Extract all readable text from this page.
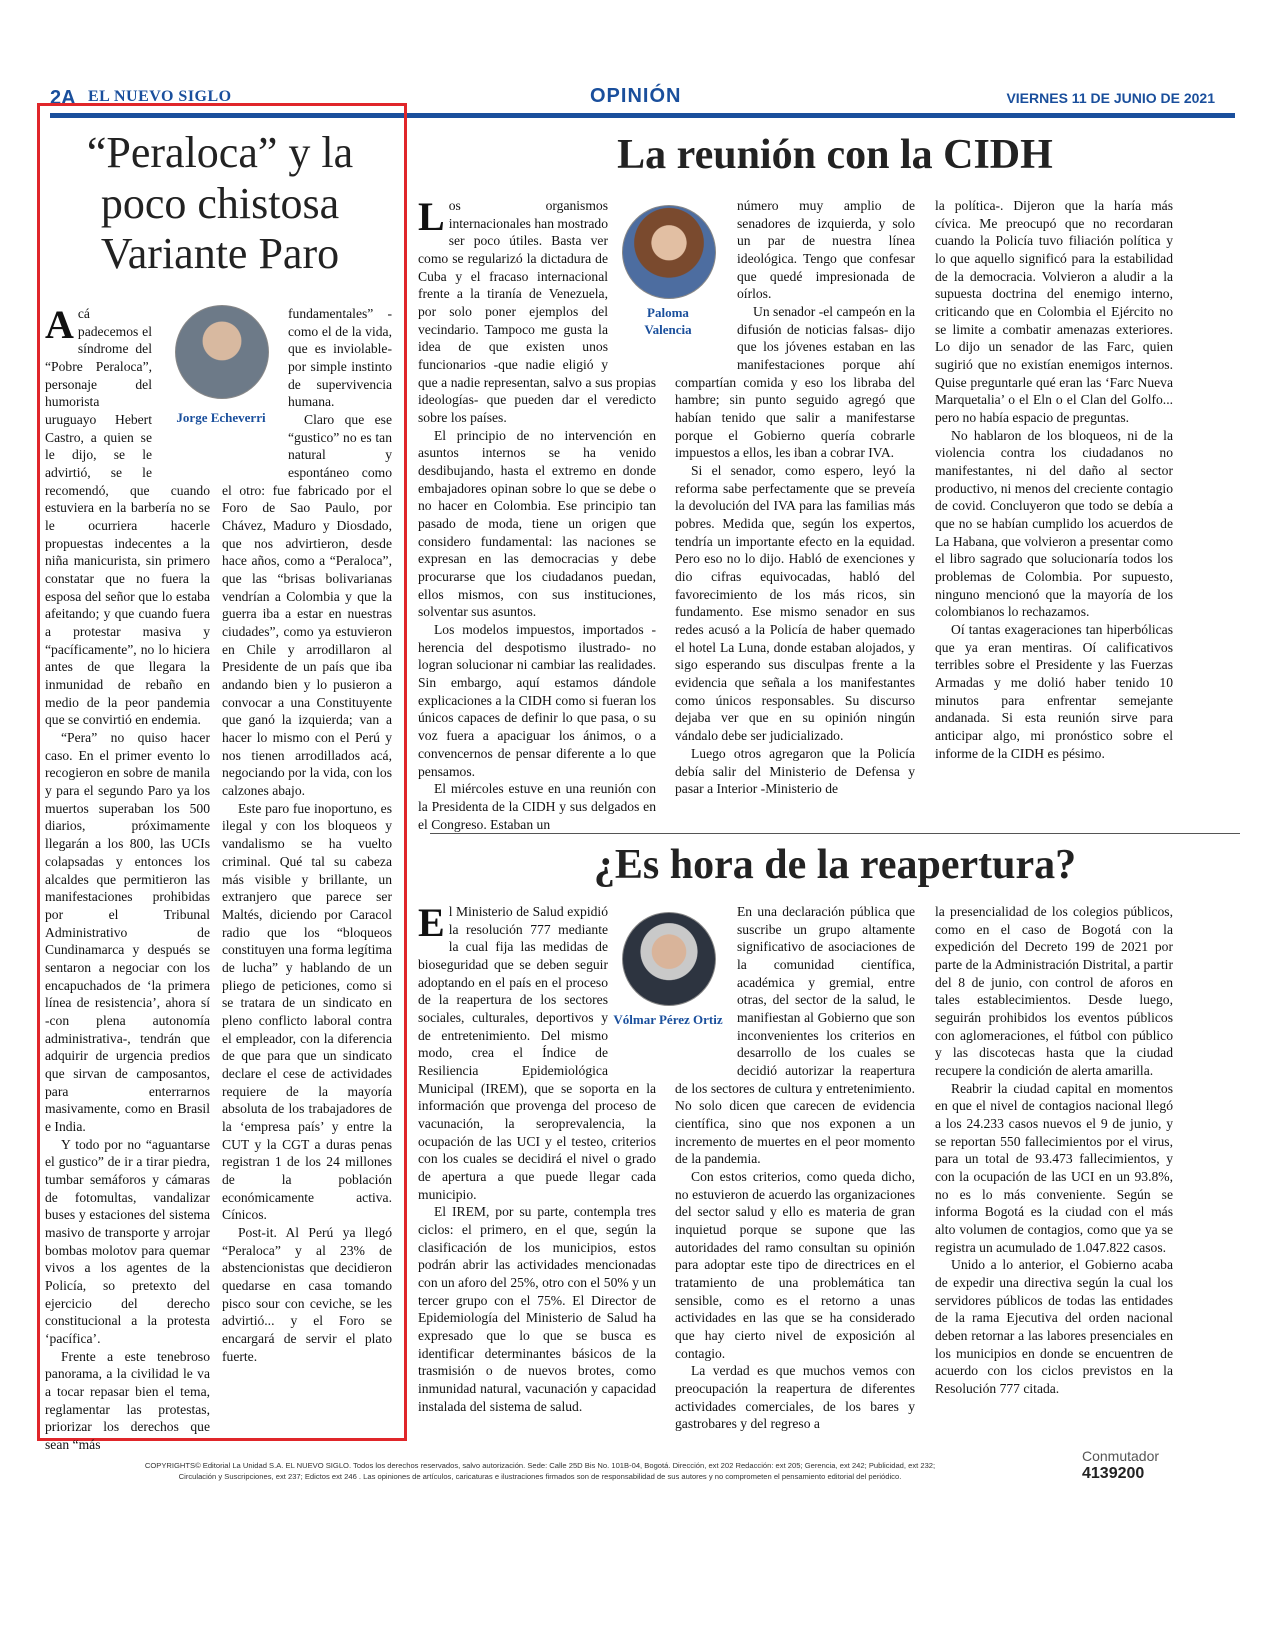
2A EL NUEVO SIGLO	OPINIÓN	VIERNES 11 DE JUNIO DE 2021
“Peraloca” y la poco chistosa Variante Paro
Jorge Echeverri
A cá padecemos el síndrome del “Pobre Peraloca”, personaje del humorista uruguayo Hebert Castro, a quien se le dijo, se le advirtió, se le recomendó, que cuando estuviera en la barbería no se le ocurriera hacerle propuestas indecentes a la niña manicurista, sin primero constatar que no fuera la esposa del señor que lo estaba afeitando; y que cuando fuera a protestar masiva y “pacíficamente”, no lo hiciera antes de que llegara la inmunidad de rebaño en medio de la peor pandemia que se convirtió en endemia.

“Pera” no quiso hacer caso. En el primer evento lo recogieron en sobre de manila y para el segundo Paro ya los muertos superaban los 500 diarios, próximamente llegarán a los 800, las UCIs colapsadas y entonces los alcaldes que permitieron las manifestaciones prohibidas por el Tribunal Administrativo de Cundinamarca y después se sentaron a negociar con los encapuchados de ‘la primera línea de resistencia’, ahora sí -con plena autonomía administrativa-, tendrán que adquirir de urgencia predios que sirvan de camposantos, para enterrarnos masivamente, como en Brasil e India.

Y todo por no “aguantarse el gustico” de ir a tirar piedra, tumbar semáforos y cámaras de fotomultas, vandalizar buses y estaciones del sistema masivo de transporte y arrojar bombas molotov para quemar vivos a los agentes de la Policía, so pretexto del ejercicio del derecho constitucional a la protesta ‘pacífica’.

Frente a este tenebroso panorama, a la civilidad le va a tocar repasar bien el tema, reglamentar las protestas, priorizar los derechos que sean “más

fundamentales” -como el de la vida, que es inviolable- por simple instinto de supervivencia humana.

Claro que ese “gustico” no es tan natural y espontáneo como el otro: fue fabricado por el Foro de Sao Paulo, por Chávez, Maduro y Diosdado, que nos advirtieron, desde hace años, como a “Peraloca”, que las “brisas bolivarianas vendrían a Colombia y que la guerra iba a estar en nuestras ciudades”, como ya estuvieron en Chile y arrodillaron al Presidente de un país que iba andando bien y lo pusieron a convocar a una Constituyente que ganó la izquierda; van a hacer lo mismo con el Perú y nos tienen arrodillados acá, negociando por la vida, con los calzones abajo.

Este paro fue inoportuno, es ilegal y con los bloqueos y vandalismo se ha vuelto criminal. Qué tal su cabeza más visible y brillante, un extranjero que parece ser Maltés, diciendo por Caracol radio que los “bloqueos constituyen una forma legítima de lucha” y hablando de un pliego de peticiones, como si se tratara de un sindicato en pleno conflicto laboral contra el empleador, con la diferencia de que para que un sindicato declare el cese de actividades requiere de la mayoría absoluta de los trabajadores de la ‘empresa país’ y entre la CUT y la CGT a duras penas registran 1 de los 24 millones de la población económicamente activa. Cínicos.

Post-it. Al Perú ya llegó “Peraloca” y al 23% de abstencionistas que decidieron quedarse en casa tomando pisco sour con ceviche, se les advirtió... y el Foro se encargará de servir el plato fuerte.

La reunión con la CIDH
Paloma Valencia
L os organismos internacionales han mostrado ser poco útiles. Basta ver como se regularizó la dictadura de Cuba y el fracaso internacional frente a la tiranía de Venezuela, por solo poner ejemplos del vecindario. Tampoco me gusta la idea de que existen unos funcionarios -que nadie eligió y que a nadie representan, salvo a sus propias ideologías- que pueden dar el veredicto sobre los países.

El principio de no intervención en asuntos internos se ha venido desdibujando, hasta el extremo en donde embajadores opinan sobre lo que se debe o no hacer en Colombia. Ese principio tan pasado de moda, tiene un origen que considero fundamental: las naciones se expresan en las democracias y debe procurarse que los ciudadanos puedan, ellos mismos, con sus instituciones, solventar sus asuntos.

Los modelos impuestos, importados -herencia del despotismo ilustrado- no logran solucionar ni cambiar las realidades. Sin embargo, aquí estamos dándole explicaciones a la CIDH como si fueran los únicos capaces de definir lo que pasa, o su voz fuera a apaciguar los ánimos, o a convencernos de pensar diferente a lo que pensamos.

El miércoles estuve en una reunión con la Presidenta de la CIDH y sus delgados en el Congreso. Estaban un

número muy amplio de senadores de izquierda, y solo un par de nuestra línea ideológica. Tengo que confesar que quedé impresionada de oírlos.

Un senador -el campeón en la difusión de noticias falsas- dijo que los jóvenes estaban en las manifestaciones porque ahí compartían comida y eso los libraba del hambre; sin punto seguido agregó que habían tenido que salir a manifestarse porque el Gobierno quería cobrarle impuestos a ellos, les iban a cobrar IVA.

Si el senador, como espero, leyó la reforma sabe perfectamente que se preveía la devolución del IVA para las familias más pobres. Medida que, según los expertos, tendría un importante efecto en la equidad. Pero eso no lo dijo. Habló de exenciones y dio cifras equivocadas, habló del favorecimiento de los más ricos, sin fundamento. Ese mismo senador en sus redes acusó a la Policía de haber quemado el hotel La Luna, donde estaban alojados, y sigo esperando sus disculpas frente a la evidencia que señala a los manifestantes como únicos responsables. Su discurso dejaba ver que en su opinión ningún vándalo debe ser judicializado.

Luego otros agregaron que la Policía debía salir del Ministerio de Defensa y pasar a Interior -Ministerio de

la política-. Dijeron que la haría más cívica. Me preocupó que no recordaran cuando la Policía tuvo filiación política y lo que aquello significó para la estabilidad de la democracia. Volvieron a aludir a la supuesta doctrina del enemigo interno, criticando que en Colombia el Ejército no se limite a combatir amenazas exteriores. Lo dijo un senador de las Farc, quien sugirió que no existían enemigos internos. Quise preguntarle qué eran las ‘Farc Nueva Marquetalia’ o el Eln o el Clan del Golfo... pero no había espacio de preguntas.

No hablaron de los bloqueos, ni de la violencia contra los ciudadanos no manifestantes, ni del daño al sector productivo, ni menos del creciente contagio de covid. Concluyeron que todo se debía a que no se habían cumplido los acuerdos de La Habana, que volvieron a presentar como el libro sagrado que solucionaría todos los problemas de Colombia. Por supuesto, ninguno mencionó que la mayoría de los colombianos lo rechazamos.

Oí tantas exageraciones tan hiperbólicas que ya eran mentiras. Oí calificativos terribles sobre el Presidente y las Fuerzas Armadas y me dolió haber tenido 10 minutos para enfrentar semejante andanada. Si esta reunión sirve para anticipar algo, mi pronóstico sobre el informe de la CIDH es pésimo.

¿Es hora de la reapertura?
Vólmar Pérez Ortiz
E l Ministerio de Salud expidió la resolución 777 mediante la cual fija las medidas de bioseguridad que se deben seguir adoptando en el país en el proceso de la reapertura de los sectores sociales, culturales, deportivos y de entretenimiento. Del mismo modo, crea el Índice de Resiliencia Epidemiológica Municipal (IREM), que se soporta en la información que provenga del proceso de vacunación, la seroprevalencia, la ocupación de las UCI y el testeo, criterios con los cuales se decidirá el nivel o grado de apertura a que puede llegar cada municipio.

El IREM, por su parte, contempla tres ciclos: el primero, en el que, según la clasificación de los municipios, estos podrán abrir las actividades mencionadas con un aforo del 25%, otro con el 50% y un tercer grupo con el 75%. El Director de Epidemiología del Ministerio de Salud ha expresado que lo que se busca es identificar determinantes básicos de la trasmisión o de nuevos brotes, como inmunidad natural, vacunación y capacidad instalada del sistema de salud.

En una declaración pública que suscribe un grupo altamente significativo de asociaciones de la comunidad científica, académica y gremial, entre otras, del sector de la salud, le manifiestan al Gobierno que son inconvenientes los criterios en desarrollo de los cuales se decidió autorizar la reapertura de los sectores de cultura y entretenimiento. No solo dicen que carecen de evidencia científica, sino que nos exponen a un incremento de muertes en el peor momento de la pandemia.

Con estos criterios, como queda dicho, no estuvieron de acuerdo las organizaciones del sector salud y ello es materia de gran inquietud porque se supone que las autoridades del ramo consultan su opinión para adoptar este tipo de directrices en el tratamiento de una problemática tan sensible, como es el retorno a unas actividades en las que se ha considerado que hay cierto nivel de exposición al contagio.

La verdad es que muchos vemos con preocupación la reapertura de diferentes actividades comerciales, de los bares y gastrobares y del regreso a

la presencialidad de los colegios públicos, como en el caso de Bogotá con la expedición del Decreto 199 de 2021 por parte de la Administración Distrital, a partir del 8 de junio, con control de aforos en tales establecimientos. Desde luego, seguirán prohibidos los eventos públicos con aglomeraciones, el fútbol con público y las discotecas hasta que la ciudad recupere la condición de alerta amarilla.

Reabrir la ciudad capital en momentos en que el nivel de contagios nacional llegó a los 24.233 casos nuevos el 9 de junio, y se reportan 550 fallecimientos por el virus, para un total de 93.473 fallecimientos, y con la ocupación de las UCI en un 93.8%, no es lo más conveniente. Según se informa Bogotá es la ciudad con el más alto volumen de contagios, como que ya se registra un acumulado de 1.047.822 casos.

Unido a lo anterior, el Gobierno acaba de expedir una directiva según la cual los servidores públicos de todas las entidades de la rama Ejecutiva del orden nacional deben retornar a las labores presenciales en los municipios en donde se encuentren de acuerdo con los ciclos previstos en la Resolución 777 citada.

COPYRIGHTS© Editorial La Unidad S.A. EL NUEVO SIGLO. Todos los derechos reservados, salvo autorización. Sede: Calle 25D Bis No. 101B-04, Bogotá. Dirección, ext 202 Redacción: ext 205; Gerencia, ext 242; Publicidad, ext 232;
Circulación y Suscripciones, ext 237; Edictos ext 246 . Las opiniones de artículos, caricaturas e ilustraciones firmados son de responsabilidad de sus autores y no comprometen el pensamiento editorial del periódico.
Conmutador
4139200
